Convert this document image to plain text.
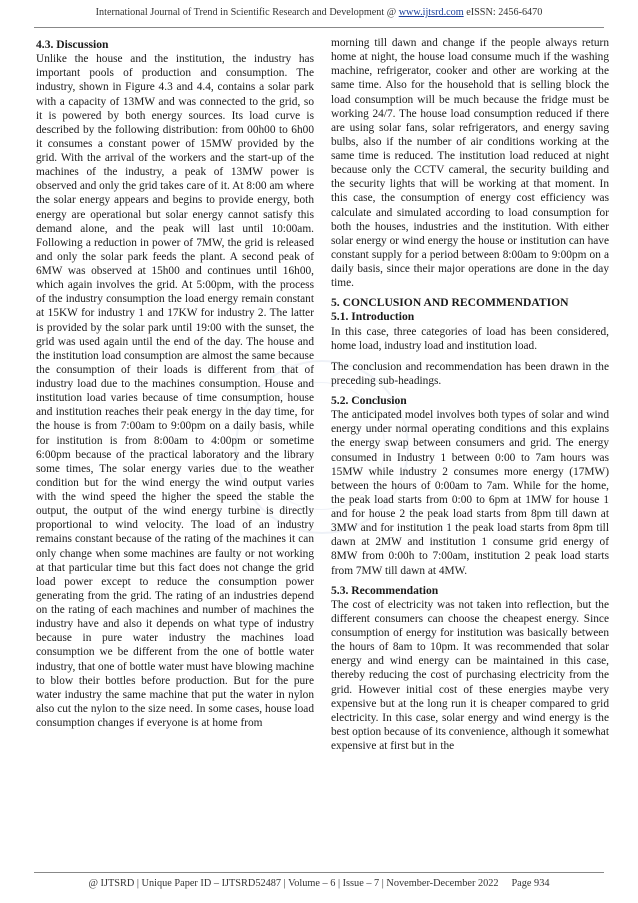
International Journal of Trend in Scientific Research and Development @ www.ijtsrd.com eISSN: 2456-6470
4.3. Discussion

Unlike the house and the institution, the industry has important pools of production and consumption. The industry, shown in Figure 4.3 and 4.4, contains a solar park with a capacity of 13MW and was connected to the grid, so it is powered by both energy sources. Its load curve is described by the following distribution: from 00h00 to 6h00 it consumes a constant power of 15MW provided by the grid. With the arrival of the workers and the start-up of the machines of the industry, a peak of 13MW power is observed and only the grid takes care of it. At 8:00 am where the solar energy appears and begins to provide energy, both energy are operational but solar energy cannot satisfy this demand alone, and the peak will last until 10:00am. Following a reduction in power of 7MW, the grid is released and only the solar park feeds the plant. A second peak of 6MW was observed at 15h00 and continues until 16h00, which again involves the grid. At 5:00pm, with the process of the industry consumption the load energy remain constant at 15KW for industry 1 and 17KW for industry 2. The latter is provided by the solar park until 19:00 with the sunset, the grid was used again until the end of the day. The house and the institution load consumption are almost the same because the consumption of their loads is different from that of industry load due to the machines consumption. House and institution load varies because of time consumption, house and institution reaches their peak energy in the day time, for the house is from 7:00am to 9:00pm on a daily basis, while for institution is from 8:00am to 4:00pm or sometime 6:00pm because of the practical laboratory and the library some times, The solar energy varies due to the weather condition but for the wind energy the wind output varies with the wind speed the higher the speed the stable the output, the output of the wind energy turbine is directly proportional to wind velocity. The load of an industry remains constant because of the rating of the machines it can only change when some machines are faulty or not working at that particular time but this fact does not change the grid load power except to reduce the consumption power generating from the grid. The rating of an industries depend on the rating of each machines and number of machines the industry have and also it depends on what type of industry because in pure water industry the machines load consumption we be different from the one of bottle water industry, that one of bottle water must have blowing machine to blow their bottles before production. But for the pure water industry the same machine that put the water in nylon also cut the nylon to the size need. In some cases, house load consumption changes if everyone is at home from

morning till dawn and change if the people always return home at night, the house load consume much if the washing machine, refrigerator, cooker and other are working at the same time. Also for the household that is selling block the load consumption will be much because the fridge must be working 24/7. The house load consumption reduced if there are using solar fans, solar refrigerators, and energy saving bulbs, also if the number of air conditions working at the same time is reduced. The institution load reduced at night because only the CCTV cameral, the security building and the security lights that will be working at that moment. In this case, the consumption of energy cost efficiency was calculate and simulated according to load consumption for both the houses, industries and the institution. With either solar energy or wind energy the house or institution can have constant supply for a period between 8:00am to 9:00pm on a daily basis, since their major operations are done in the day time.

5. CONCLUSION AND RECOMMENDATION
5.1. Introduction

In this case, three categories of load has been considered, home load, industry load and institution load.

The conclusion and recommendation has been drawn in the preceding sub-headings.

5.2. Conclusion

The anticipated model involves both types of solar and wind energy under normal operating conditions and this explains the energy swap between consumers and grid. The energy consumed in Industry 1 between 0:00 to 7am hours was 15MW while industry 2 consumes more energy (17MW) between the hours of 0:00am to 7am. While for the home, the peak load starts from 0:00 to 6pm at 1MW for house 1 and for house 2 the peak load starts from 8pm till dawn at 3MW and for institution 1 the peak load starts from 8pm till dawn at 2MW and institution 1 consume grid energy of 8MW from 0:00h to 7:00am, institution 2 peak load starts from 7MW till dawn at 4MW.

5.3. Recommendation

The cost of electricity was not taken into reflection, but the different consumers can choose the cheapest energy. Since consumption of energy for institution was basically between the hours of 8am to 10pm. It was recommended that solar energy and wind energy can be maintained in this case, thereby reducing the cost of purchasing electricity from the grid. However initial cost of these energies maybe very expensive but at the long run it is cheaper compared to grid electricity. In this case, solar energy and wind energy is the best option because of its convenience, although it somewhat expensive at first but in the

@ IJTSRD | Unique Paper ID – IJTSRD52487 | Volume – 6 | Issue – 7 | November-December 2022 Page 934
